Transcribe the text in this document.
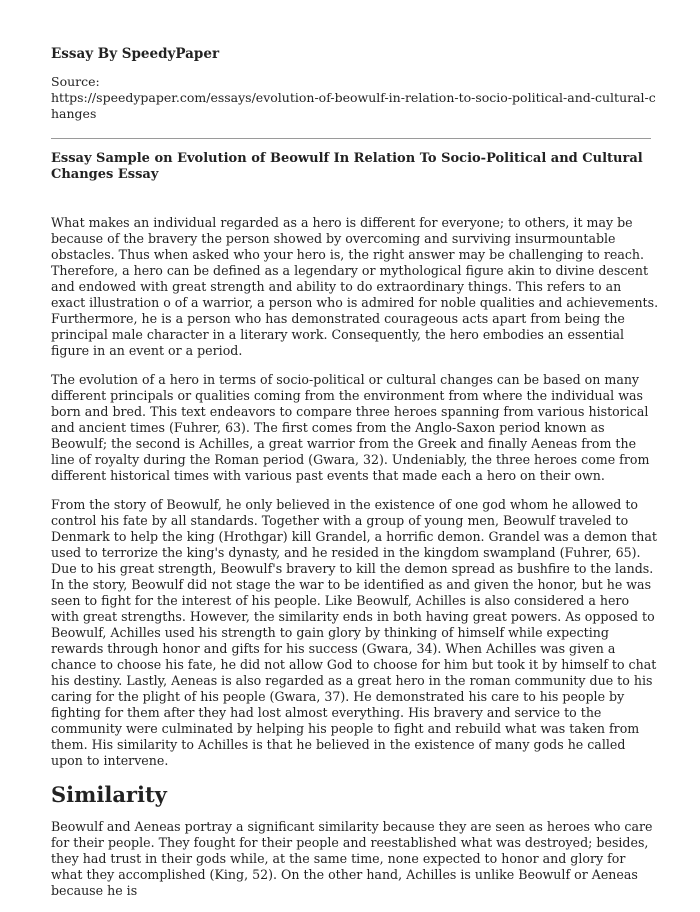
Essay By SpeedyPaper
Source:
https://speedypaper.com/essays/evolution-of-beowulf-in-relation-to-socio-political-and-cultural-changes
Essay Sample on Evolution of Beowulf In Relation To Socio-Political and Cultural Changes Essay

What makes an individual regarded as a hero is different for everyone; to others, it may be because of the bravery the person showed by overcoming and surviving insurmountable obstacles. Thus when asked who your hero is, the right answer may be challenging to reach. Therefore, a hero can be defined as a legendary or mythological figure akin to divine descent and endowed with great strength and ability to do extraordinary things. This refers to an exact illustration o of a warrior, a person who is admired for noble qualities and achievements. Furthermore, he is a person who has demonstrated courageous acts apart from being the principal male character in a literary work. Consequently, the hero embodies an essential figure in an event or a period.

The evolution of a hero in terms of socio-political or cultural changes can be based on many different principals or qualities coming from the environment from where the individual was born and bred. This text endeavors to compare three heroes spanning from various historical and ancient times (Fuhrer, 63). The first comes from the Anglo-Saxon period known as Beowulf; the second is Achilles, a great warrior from the Greek and finally Aeneas from the line of royalty during the Roman period (Gwara, 32). Undeniably, the three heroes come from different historical times with various past events that made each a hero on their own.

From the story of Beowulf, he only believed in the existence of one god whom he allowed to control his fate by all standards. Together with a group of young men, Beowulf traveled to Denmark to help the king (Hrothgar) kill Grandel, a horrific demon. Grandel was a demon that used to terrorize the king's dynasty, and he resided in the kingdom swampland (Fuhrer, 65). Due to his great strength, Beowulf's bravery to kill the demon spread as bushfire to the lands. In the story, Beowulf did not stage the war to be identified as and given the honor, but he was seen to fight for the interest of his people. Like Beowulf, Achilles is also considered a hero with great strengths. However, the similarity ends in both having great powers. As opposed to Beowulf, Achilles used his strength to gain glory by thinking of himself while expecting rewards through honor and gifts for his success (Gwara, 34). When Achilles was given a chance to choose his fate, he did not allow God to choose for him but took it by himself to chat his destiny. Lastly, Aeneas is also regarded as a great hero in the roman community due to his caring for the plight of his people (Gwara, 37). He demonstrated his care to his people by fighting for them after they had lost almost everything. His bravery and service to the community were culminated by helping his people to fight and rebuild what was taken from them. His similarity to Achilles is that he believed in the existence of many gods he called upon to intervene.

Similarity

Beowulf and Aeneas portray a significant similarity because they are seen as heroes who care for their people. They fought for their people and reestablished what was destroyed; besides, they had trust in their gods while, at the same time, none expected to honor and glory for what they accomplished (King, 52). On the other hand, Achilles is unlike Beowulf or Aeneas because he is
